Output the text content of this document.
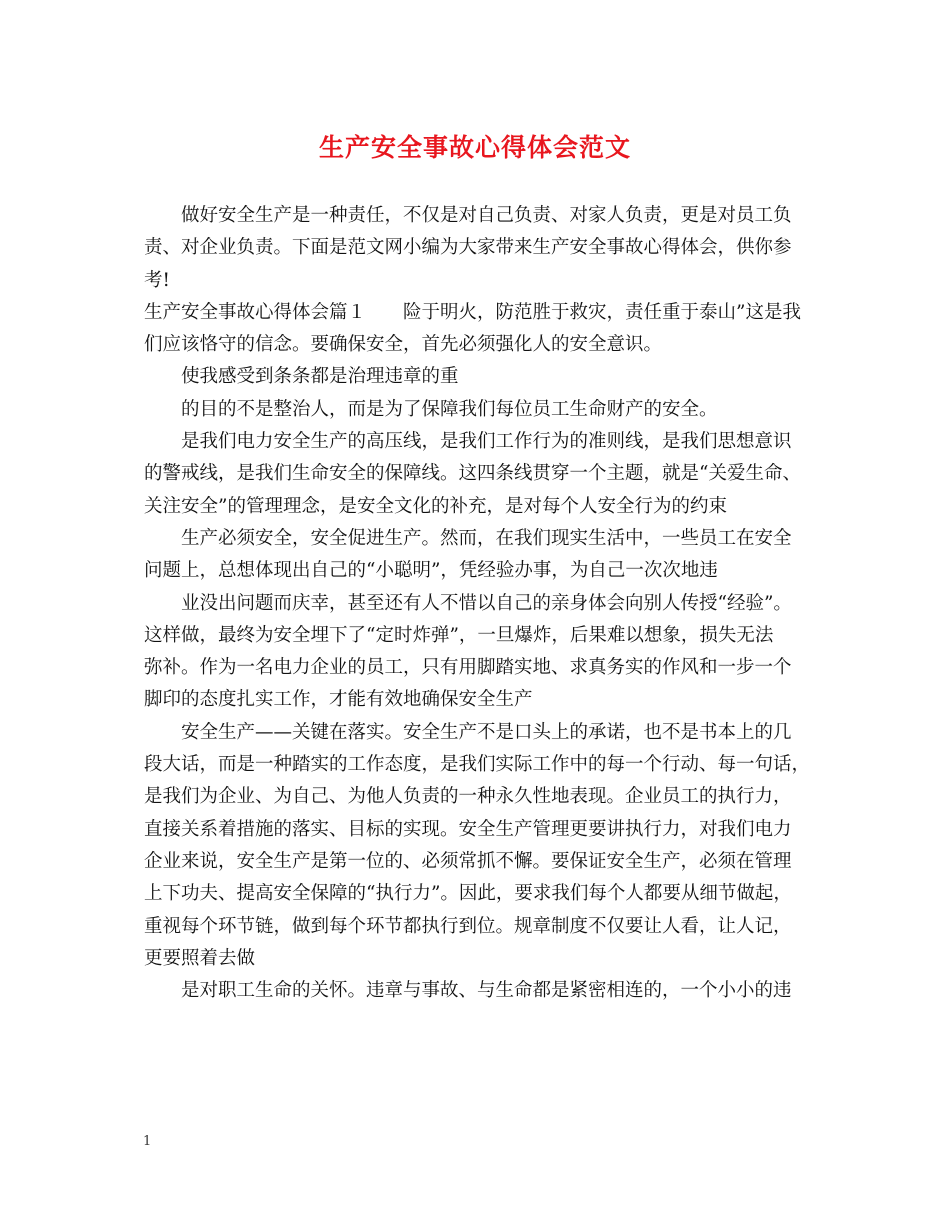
生产安全事故心得体会范文
做好安全生产是一种责任，不仅是对自己负责、对家人负责，更是对员工负
责、对企业负责。下面是范文网小编为大家带来生产安全事故心得体会，供你参
考!
生产安全事故心得体会篇１　　险于明火，防范胜于救灾，责任重于泰山”这是我
们应该恪守的信念。要确保安全，首先必须强化人的安全意识。
使我感受到条条都是治理违章的重
的目的不是整治人，而是为了保障我们每位员工生命财产的安全。
是我们电力安全生产的高压线，是我们工作行为的准则线，是我们思想意识
的警戒线，是我们生命安全的保障线。这四条线贯穿一个主题，就是“关爱生命、
关注安全”的管理理念，是安全文化的补充，是对每个人安全行为的约束
生产必须安全，安全促进生产。然而，在我们现实生活中，一些员工在安全
问题上，总想体现出自己的“小聪明”，凭经验办事，为自己一次次地违
业没出问题而庆幸，甚至还有人不惜以自己的亲身体会向别人传授“经验”。
这样做，最终为安全埋下了“定时炸弹”，一旦爆炸，后果难以想象，损失无法
弥补。作为一名电力企业的员工，只有用脚踏实地、求真务实的作风和一步一个
脚印的态度扎实工作，才能有效地确保安全生产
安全生产——关键在落实。安全生产不是口头上的承诺，也不是书本上的几
段大话，而是一种踏实的工作态度，是我们实际工作中的每一个行动、每一句话，
是我们为企业、为自己、为他人负责的一种永久性地表现。企业员工的执行力，
直接关系着措施的落实、目标的实现。安全生产管理更要讲执行力，对我们电力
企业来说，安全生产是第一位的、必须常抓不懈。要保证安全生产，必须在管理
上下功夫、提高安全保障的“执行力”。因此，要求我们每个人都要从细节做起，
重视每个环节链，做到每个环节都执行到位。规章制度不仅要让人看，让人记，
更要照着去做
是对职工生命的关怀。违章与事故、与生命都是紧密相连的，一个小小的违
1
